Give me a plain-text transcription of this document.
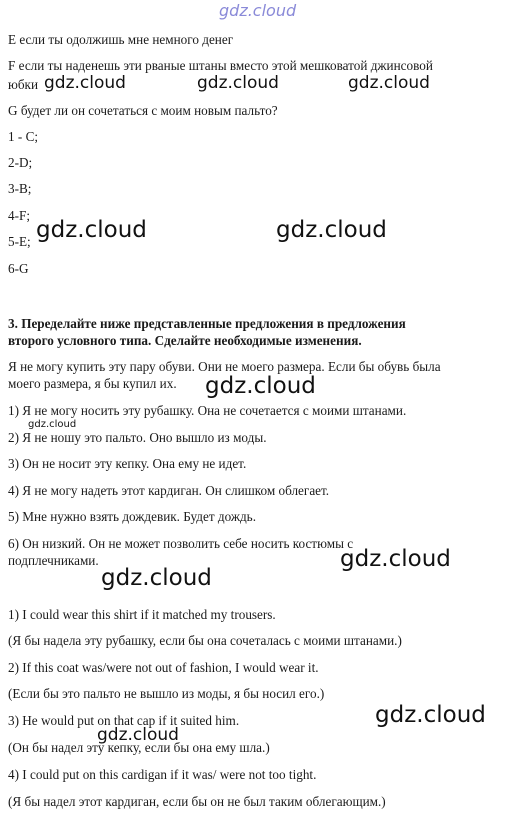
gdz.cloud
Е если ты одолжишь мне немного денег
F если ты наденешь эти рваные штаны вместо этой мешковатой джинсовой
юбки
G будет ли он сочетаться с моим новым пальто?
1 - C;
2-D;
3-B;
4-F;
5-E;
6-G
3. Переделайте ниже представленные предложения в предложения
второго условного типа. Сделайте необходимые изменения.
Я не могу купить эту пару обуви. Они не моего размера. Если бы обувь была
моего размера, я бы купил их.
1) Я не могу носить эту рубашку. Она не сочетается с моими штанами.
2) Я не ношу это пальто. Оно вышло из моды.
3) Он не носит эту кепку. Она ему не идет.
4) Я не могу надеть этот кардиган. Он слишком облегает.
5) Мне нужно взять дождевик. Будет дождь.
6) Он низкий. Он не может позволить себе носить костюмы с
подплечниками.
1) I could wear this shirt if it matched my trousers.
(Я бы надела эту рубашку, если бы она сочеталась с моими штанами.)
2) If this coat was/were not out of fashion, I would wear it.
(Если бы это пальто не вышло из моды, я бы носил его.)
3) He would put on that cap if it suited him.
(Он бы надел эту кепку, если бы она ему шла.)
4) I could put on this cardigan if it was/ were not too tight.
(Я бы надел этот кардиган, если бы он не был таким облегающим.)
gdz.cloud	gdz.cloud	gdz.cloud
gdz.cloud	gdz.cloud
gdz.cloud
gdz.cloud
gdz.cloud
gdz.cloud
gdz.cloud
gdz.cloud
